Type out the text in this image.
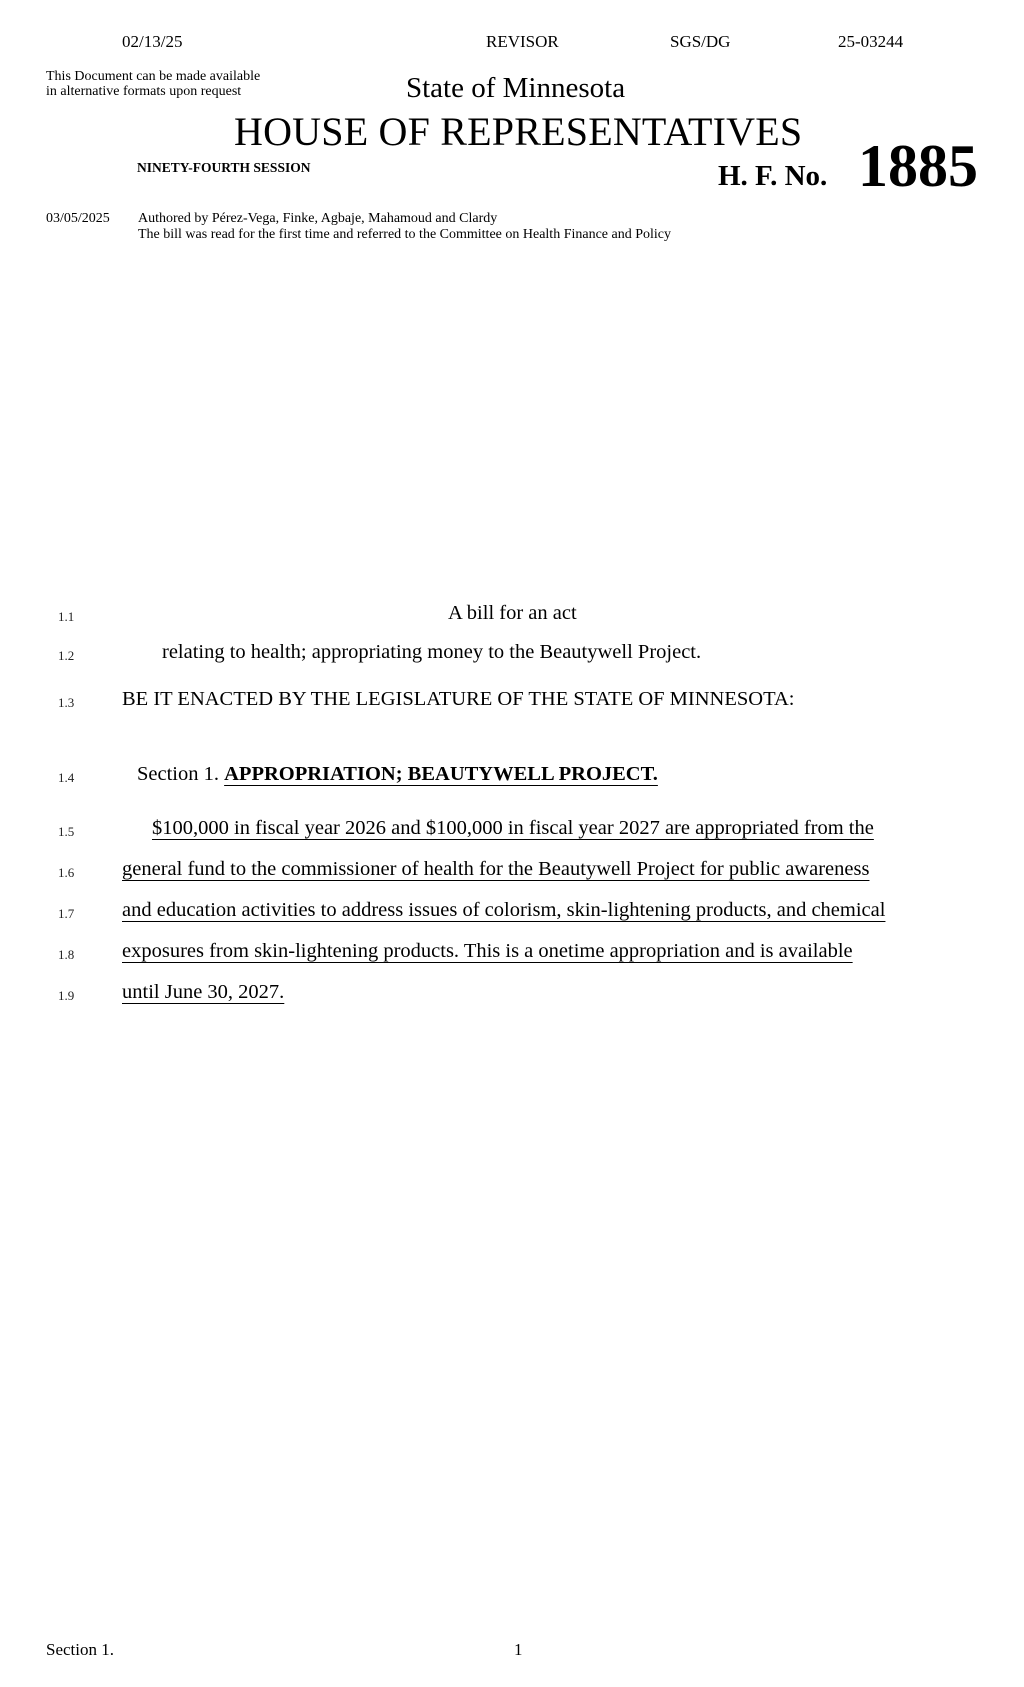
02/13/25	REVISOR	SGS/DG	25-03244
This Document can be made available
in alternative formats upon request	State of Minnesota
HOUSE OF REPRESENTATIVES
NINETY-FOURTH SESSION	H. F. No. 1885
03/05/2025 Authored by Pérez-Vega, Finke, Agbaje, Mahamoud and Clardy
The bill was read for the first time and referred to the Committee on Health Finance and Policy
1.1	A bill for an act
1.2	relating to health; appropriating money to the Beautywell Project.
1.3 BE IT ENACTED BY THE LEGISLATURE OF THE STATE OF MINNESOTA:
1.4	Section 1. APPROPRIATION; BEAUTYWELL PROJECT.
1.5	$100,000 in fiscal year 2026 and $100,000 in fiscal year 2027 are appropriated from the
1.6 general fund to the commissioner of health for the Beautywell Project for public awareness
1.7 and education activities to address issues of colorism, skin-lightening products, and chemical
1.8 exposures from skin-lightening products. This is a onetime appropriation and is available
1.9 until June 30, 2027.
Section 1.	1
